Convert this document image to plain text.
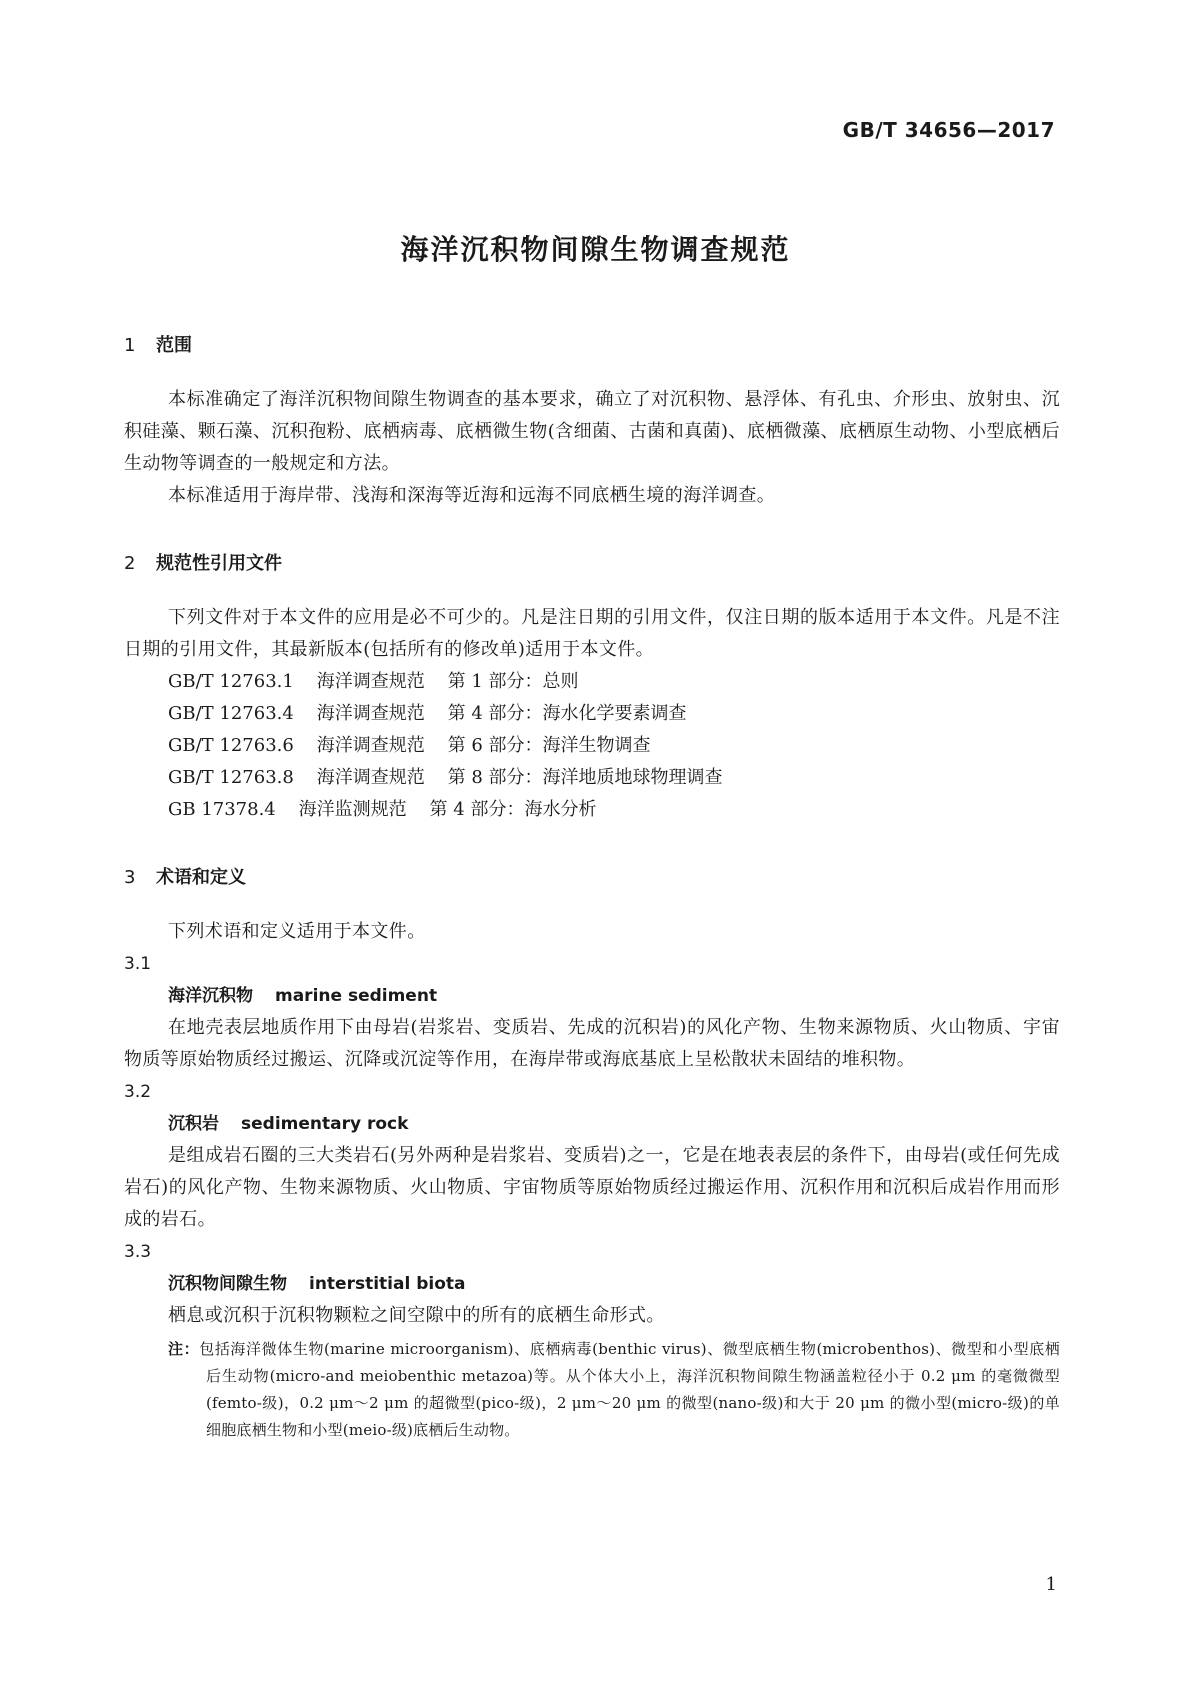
GB/T 34656—2017
海洋沉积物间隙生物调查规范
1 范围

本标准确定了海洋沉积物间隙生物调查的基本要求，确立了对沉积物、悬浮体、有孔虫、介形虫、放射虫、沉积硅藻、颗石藻、沉积孢粉、底栖病毒、底栖微生物(含细菌、古菌和真菌)、底栖微藻、底栖原生动物、小型底栖后生动物等调查的一般规定和方法。

本标准适用于海岸带、浅海和深海等近海和远海不同底栖生境的海洋调查。

2 规范性引用文件

下列文件对于本文件的应用是必不可少的。凡是注日期的引用文件，仅注日期的版本适用于本文件。凡是不注日期的引用文件，其最新版本(包括所有的修改单)适用于本文件。

GB/T 12763.1 海洋调查规范 第 1 部分：总则
GB/T 12763.4 海洋调查规范 第 4 部分：海水化学要素调查
GB/T 12763.6 海洋调查规范 第 6 部分：海洋生物调查
GB/T 12763.8 海洋调查规范 第 8 部分：海洋地质地球物理调查
GB 17378.4 海洋监测规范 第 4 部分：海水分析
3 术语和定义

下列术语和定义适用于本文件。

3.1
海洋沉积物 marine sediment

在地壳表层地质作用下由母岩(岩浆岩、变质岩、先成的沉积岩)的风化产物、生物来源物质、火山物质、宇宙物质等原始物质经过搬运、沉降或沉淀等作用，在海岸带或海底基底上呈松散状未固结的堆积物。

3.2
沉积岩 sedimentary rock

是组成岩石圈的三大类岩石(另外两种是岩浆岩、变质岩)之一，它是在地表表层的条件下，由母岩(或任何先成岩石)的风化产物、生物来源物质、火山物质、宇宙物质等原始物质经过搬运作用、沉积作用和沉积后成岩作用而形成的岩石。

3.3
沉积物间隙生物 interstitial biota

栖息或沉积于沉积物颗粒之间空隙中的所有的底栖生命形式。

注：包括海洋微体生物(marine microorganism)、底栖病毒(benthic virus)、微型底栖生物(microbenthos)、微型和小型底栖后生动物(micro-and meiobenthic metazoa)等。从个体大小上，海洋沉积物间隙生物涵盖粒径小于 0.2 μm 的毫微微型(femto-级)，0.2 μm～2 μm 的超微型(pico-级)，2 μm～20 μm 的微型(nano-级)和大于 20 μm 的微小型(micro-级)的单细胞底栖生物和小型(meio-级)底栖后生动物。
1
